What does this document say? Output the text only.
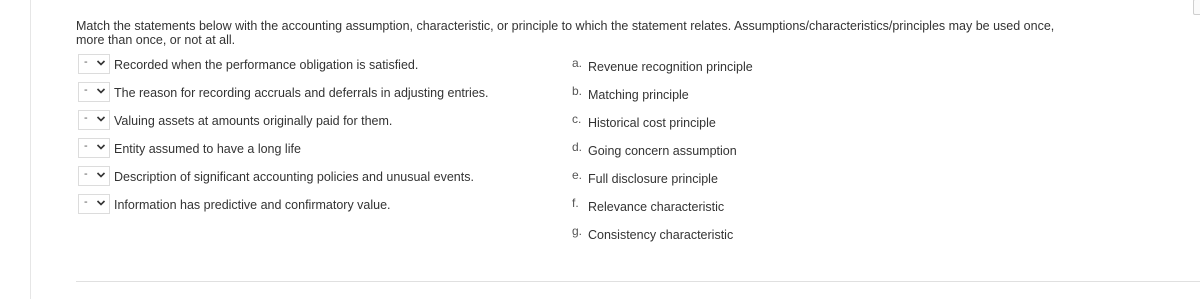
Match the statements below with the accounting assumption, characteristic, or principle to which the statement relates. Assumptions/characteristics/principles may be used once, more than once, or not at all.

- Recorded when the performance obligation is satisfied.
- The reason for recording accruals and deferrals in adjusting entries.
- Valuing assets at amounts originally paid for them.
- Entity assumed to have a long life
- Description of significant accounting policies and unusual events.
- Information has predictive and confirmatory value.
a. Revenue recognition principle
b. Matching principle
c. Historical cost principle
d. Going concern assumption
e. Full disclosure principle
f. Relevance characteristic
g. Consistency characteristic
